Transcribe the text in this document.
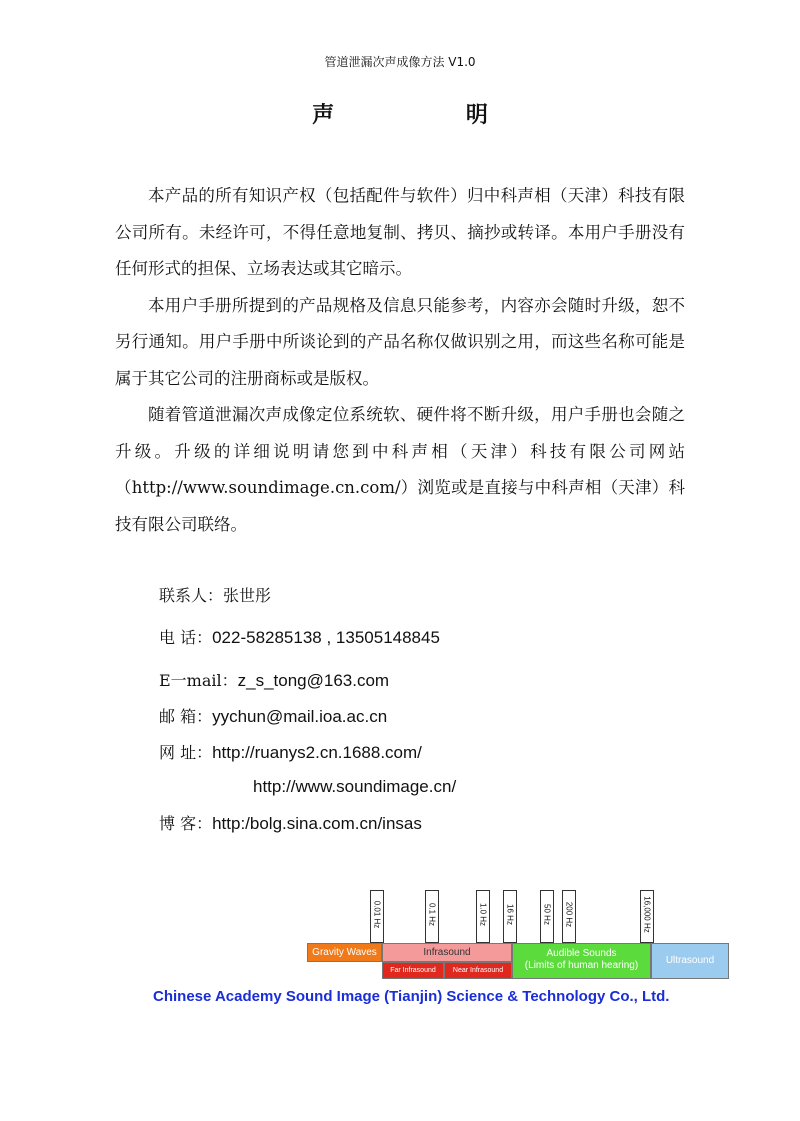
管道泄漏次声成像方法 V1.0
声 明

本产品的所有知识产权（包括配件与软件）归中科声相（天津）科技有限公司所有。未经许可，不得任意地复制、拷贝、摘抄或转译。本用户手册没有任何形式的担保、立场表达或其它暗示。

本用户手册所提到的产品规格及信息只能参考，内容亦会随时升级，恕不另行通知。用户手册中所谈论到的产品名称仅做识别之用，而这些名称可能是属于其它公司的注册商标或是版权。

随着管道泄漏次声成像定位系统软、硬件将不断升级，用户手册也会随之升级。升级的详细说明请您到中科声相（天津）科技有限公司网站（http://www.soundimage.cn.com/）浏览或是直接与中科声相（天津）科技有限公司联络。

联系人：张世彤
电 话：022-58285138 , 13505148845
E一mail：z_s_tong@163.com
邮 箱：yychun@mail.ioa.ac.cn
网 址：http://ruanys2.cn.1688.com/
http://www.soundimage.cn/
博 客：http:/bolg.sina.com.cn/insas
0.01 Hz	0.1 Hz	1.0 Hz 16 Hz	50 Hz 200 Hz	16,000 Hz
Gravity Waves	Infrasound
Far Infrasound	Near Infrasound
Audible Sounds
(Limits of human hearing)	Ultrasound
Chinese Academy Sound Image (Tianjin) Science & Technology Co., Ltd.
